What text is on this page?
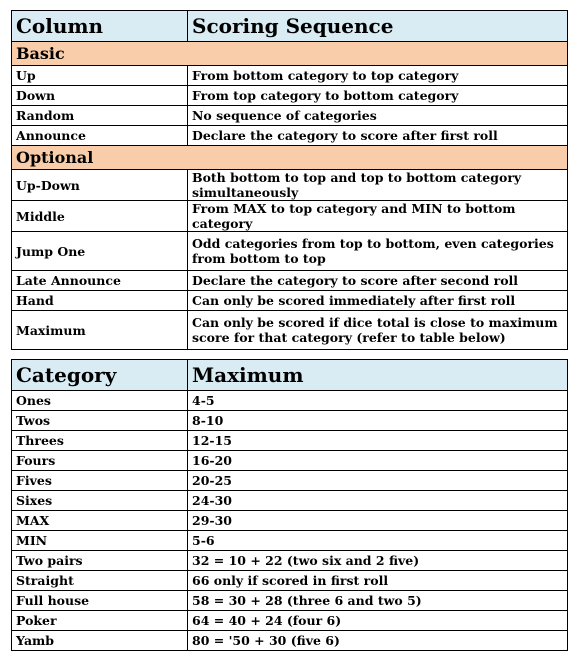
Column	Scoring Sequence
Basic	
Up	From bottom category to top category
Down	From top category to bottom category
Random	No sequence of categories
Announce	Declare the category to score after first roll
Optional	
Up-Down	Both bottom to top and top to bottom category simultaneously
Middle	From MAX to top category and MIN to bottom category
Jump One	Odd categories from top to bottom, even categories from bottom to top
Late Announce	Declare the category to score after second roll
Hand	Can only be scored immediately after first roll
Maximum	Can only be scored if dice total is close to maximum score for that category (refer to table below)
Category	Maximum
Ones	4-5
Twos	8-10
Threes	12-15
Fours	16-20
Fives	20-25
Sixes	24-30
MAX	29-30
MIN	5-6
Two pairs	32 = 10 + 22 (two six and 2 five)
Straight	66 only if scored in first roll
Full house	58 = 30 + 28 (three 6 and two 5)
Poker	64 = 40 + 24 (four 6)
Yamb	80 = '50 + 30 (five 6)
